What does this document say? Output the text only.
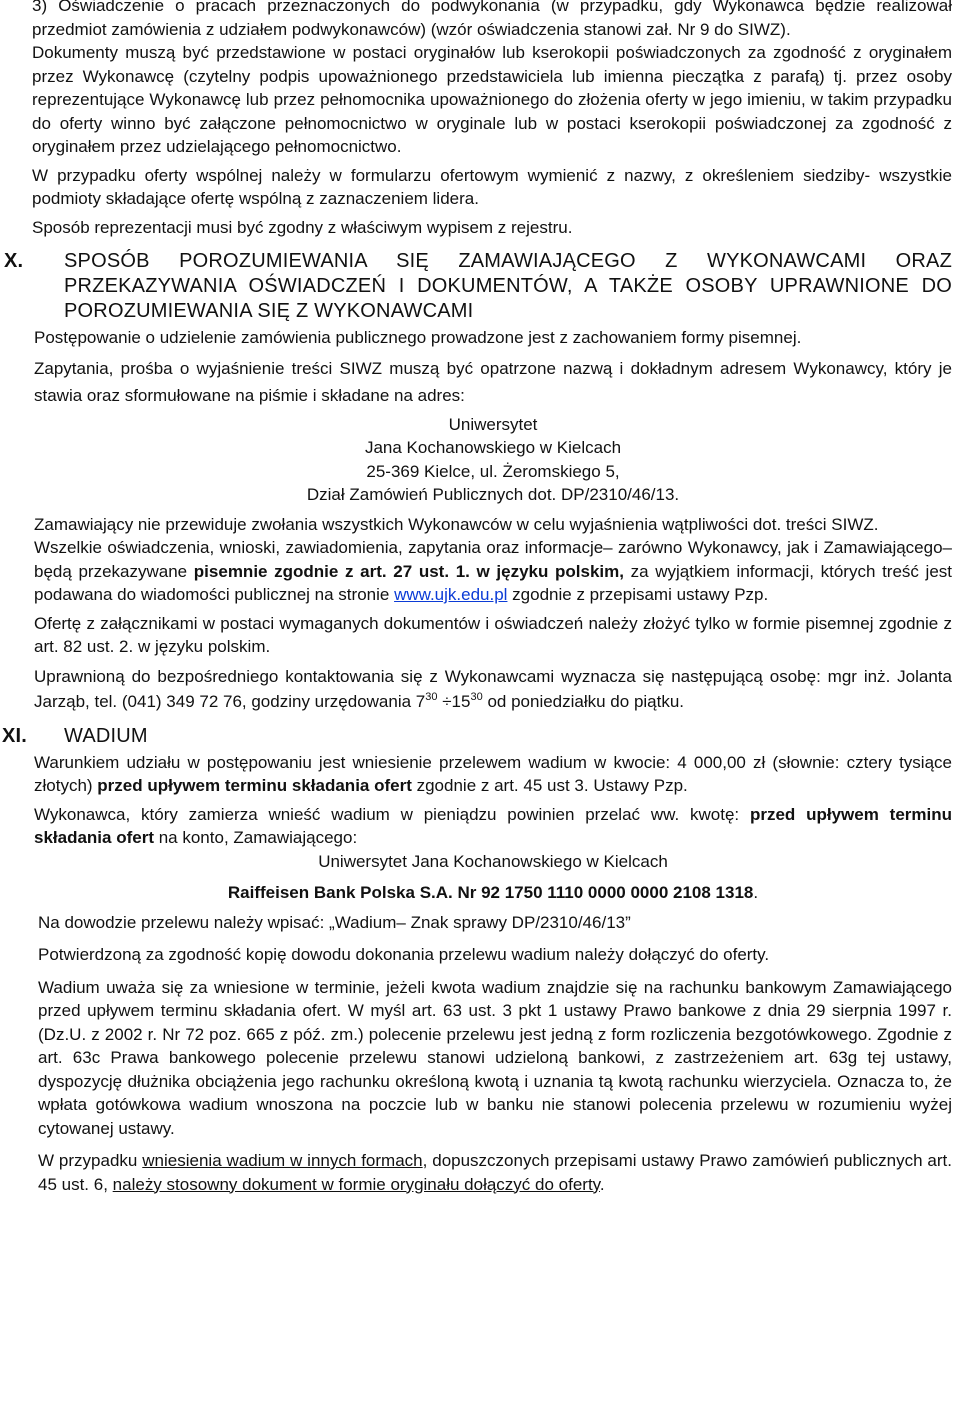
3) Oświadczenie o pracach przeznaczonych do podwykonania (w przypadku, gdy Wykonawca będzie realizował przedmiot zamówienia z udziałem podwykonawców) (wzór oświadczenia stanowi zał. Nr 9 do SIWZ).

Dokumenty muszą być przedstawione w postaci oryginałów lub kserokopii poświadczonych za zgodność z oryginałem przez Wykonawcę (czytelny podpis upoważnionego przedstawiciela lub imienna pieczątka z parafą) tj. przez osoby reprezentujące Wykonawcę lub przez pełnomocnika upoważnionego do złożenia oferty w jego imieniu, w takim przypadku do oferty winno być załączone pełnomocnictwo w oryginale lub w postaci kserokopii poświadczonej za zgodność z oryginałem przez udzielającego pełnomocnictwo.

W przypadku oferty wspólnej należy w formularzu ofertowym wymienić z nazwy, z określeniem siedziby- wszystkie podmioty składające ofertę wspólną z zaznaczeniem lidera.

Sposób reprezentacji musi być zgodny z właściwym wypisem z rejestru.

X. SPOSÓB POROZUMIEWANIA SIĘ ZAMAWIAJĄCEGO Z WYKONAWCAMI ORAZ PRZEKAZYWANIA OŚWIADCZEŃ I DOKUMENTÓW, A TAKŻE OSOBY UPRAWNIONE DO POROZUMIEWANIA SIĘ Z WYKONAWCAMI

Postępowanie o udzielenie zamówienia publicznego prowadzone jest z zachowaniem formy pisemnej.

Zapytania, prośba o wyjaśnienie treści SIWZ muszą być opatrzone nazwą i dokładnym adresem Wykonawcy, który je stawia oraz sformułowane na piśmie i składane na adres:

Uniwersytet

Jana Kochanowskiego w Kielcach

25-369 Kielce, ul. Żeromskiego 5,

Dział Zamówień Publicznych dot. DP/2310/46/13.

Zamawiający nie przewiduje zwołania wszystkich Wykonawców w celu wyjaśnienia wątpliwości dot. treści SIWZ.

Wszelkie oświadczenia, wnioski, zawiadomienia, zapytania oraz informacje– zarówno Wykonawcy, jak i Zamawiającego– będą przekazywane pisemnie zgodnie z art. 27 ust. 1. w języku polskim, za wyjątkiem informacji, których treść jest podawana do wiadomości publicznej na stronie www.ujk.edu.pl zgodnie z przepisami ustawy Pzp.

Ofertę z załącznikami w postaci wymaganych dokumentów i oświadczeń należy złożyć tylko w formie pisemnej zgodnie z art. 82 ust. 2. w języku polskim.

Uprawnioną do bezpośredniego kontaktowania się z Wykonawcami wyznacza się następującą osobę: mgr inż. Jolanta Jarząb, tel. (041) 349 72 76, godziny urzędowania $7^{30} \div 15^{30}$ od poniedziałku do piątku.

XI. WADIUM

Warunkiem udziału w postępowaniu jest wniesienie przelewem wadium w kwocie: 4 000,00 zł (słownie: cztery tysiące złotych) przed upływem terminu składania ofert zgodnie z art. 45 ust 3. Ustawy Pzp.

Wykonawca, który zamierza wnieść wadium w pieniądzu powinien przelać ww. kwotę: przed upływem terminu składania ofert na konto, Zamawiającego:

Uniwersytet Jana Kochanowskiego w Kielcach

Raiffeisen Bank Polska S.A. Nr 92 1750 1110 0000 0000 2108 1318.

Na dowodzie przelewu należy wpisać: „Wadium– Znak sprawy DP/2310/46/13”

Potwierdzoną za zgodność kopię dowodu dokonania przelewu wadium należy dołączyć do oferty.

Wadium uważa się za wniesione w terminie, jeżeli kwota wadium znajdzie się na rachunku bankowym Zamawiającego przed upływem terminu składania ofert. W myśl art. 63 ust. 3 pkt 1 ustawy Prawo bankowe z dnia 29 sierpnia 1997 r. (Dz.U. z 2002 r. Nr 72 poz. 665 z póź. zm.) polecenie przelewu jest jedną z form rozliczenia bezgotówkowego. Zgodnie z art. 63c Prawa bankowego polecenie przelewu stanowi udzieloną bankowi, z zastrzeżeniem art. 63g tej ustawy, dyspozycję dłużnika obciążenia jego rachunku określoną kwotą i uznania tą kwotą rachunku wierzyciela. Oznacza to, że wpłata gotówkowa wadium wnoszona na poczcie lub w banku nie stanowi polecenia przelewu w rozumieniu wyżej cytowanej ustawy.

W przypadku wniesienia wadium w innych formach, dopuszczonych przepisami ustawy Prawo zamówień publicznych art. 45 ust. 6, należy stosowny dokument w formie oryginału dołączyć do oferty.
